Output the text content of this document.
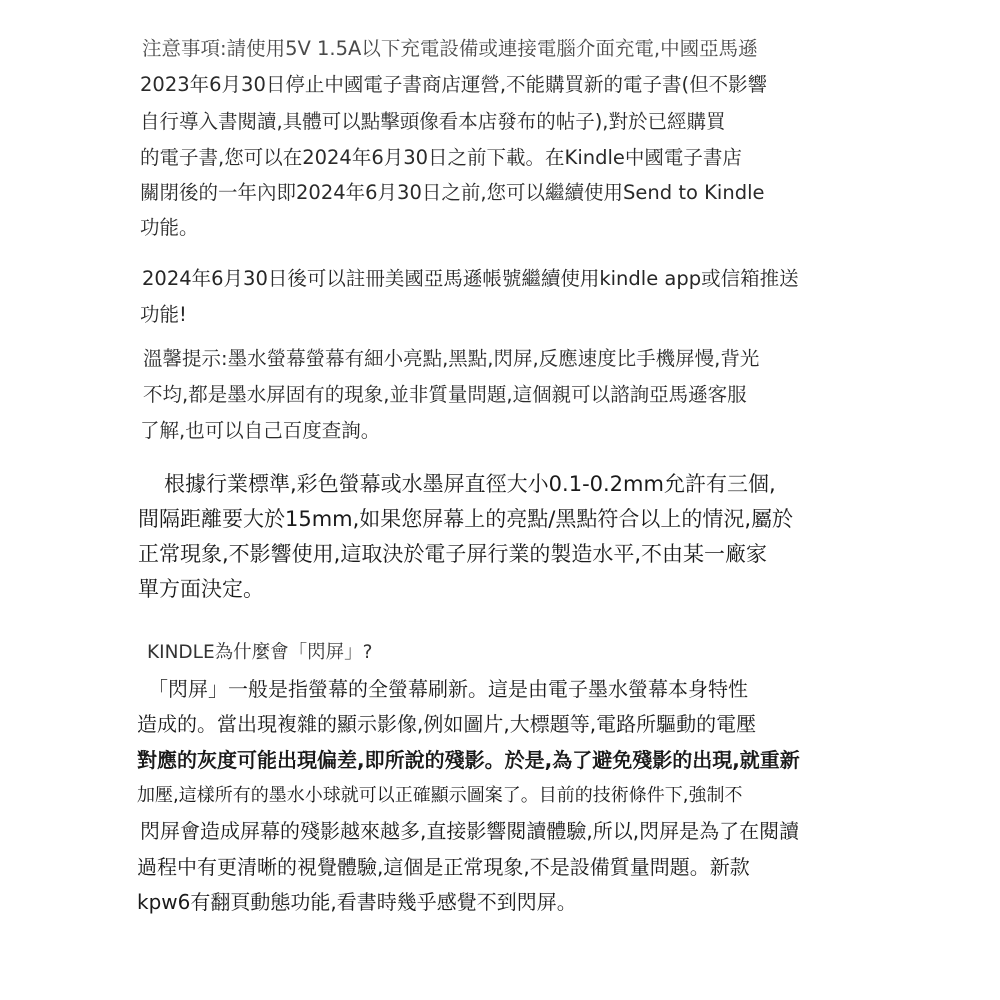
注意事項:請使用5V 1.5A以下充電設備或連接電腦介面充電,中國亞馬遜
2023年6月30日停止中國電子書商店運營,不能購買新的電子書(但不影響
自行導入書閱讀,具體可以點擊頭像看本店發布的帖子),對於已經購買
的電子書,您可以在2024年6月30日之前下載。在Kindle中國電子書店
關閉後的一年內即2024年6月30日之前,您可以繼續使用Send to Kindle
功能。
2024年6月30日後可以註冊美國亞馬遜帳號繼續使用kindle app或信箱推送
功能!
溫馨提示:墨水螢幕螢幕有細小亮點,黑點,閃屏,反應速度比手機屏慢,背光
不均,都是墨水屏固有的現象,並非質量問題,這個親可以諮詢亞馬遜客服
了解,也可以自己百度查詢。
根據行業標準,彩色螢幕或水墨屏直徑大小0.1-0.2mm允許有三個,
間隔距離要大於15mm,如果您屏幕上的亮點/黑點符合以上的情況,屬於
正常現象,不影響使用,這取決於電子屏行業的製造水平,不由某一廠家
單方面決定。
KINDLE為什麼會「閃屏」?
「閃屏」一般是指螢幕的全螢幕刷新。這是由電子墨水螢幕本身特性
造成的。當出現複雜的顯示影像,例如圖片,大標題等,電路所驅動的電壓
對應的灰度可能出現偏差,即所說的殘影。於是,為了避免殘影的出現,就重新
加壓,這樣所有的墨水小球就可以正確顯示圖案了。目前的技術條件下,強制不
閃屏會造成屏幕的殘影越來越多,直接影響閱讀體驗,所以,閃屏是為了在閱讀
過程中有更清晰的視覺體驗,這個是正常現象,不是設備質量問題。新款
kpw6有翻頁動態功能,看書時幾乎感覺不到閃屏。
